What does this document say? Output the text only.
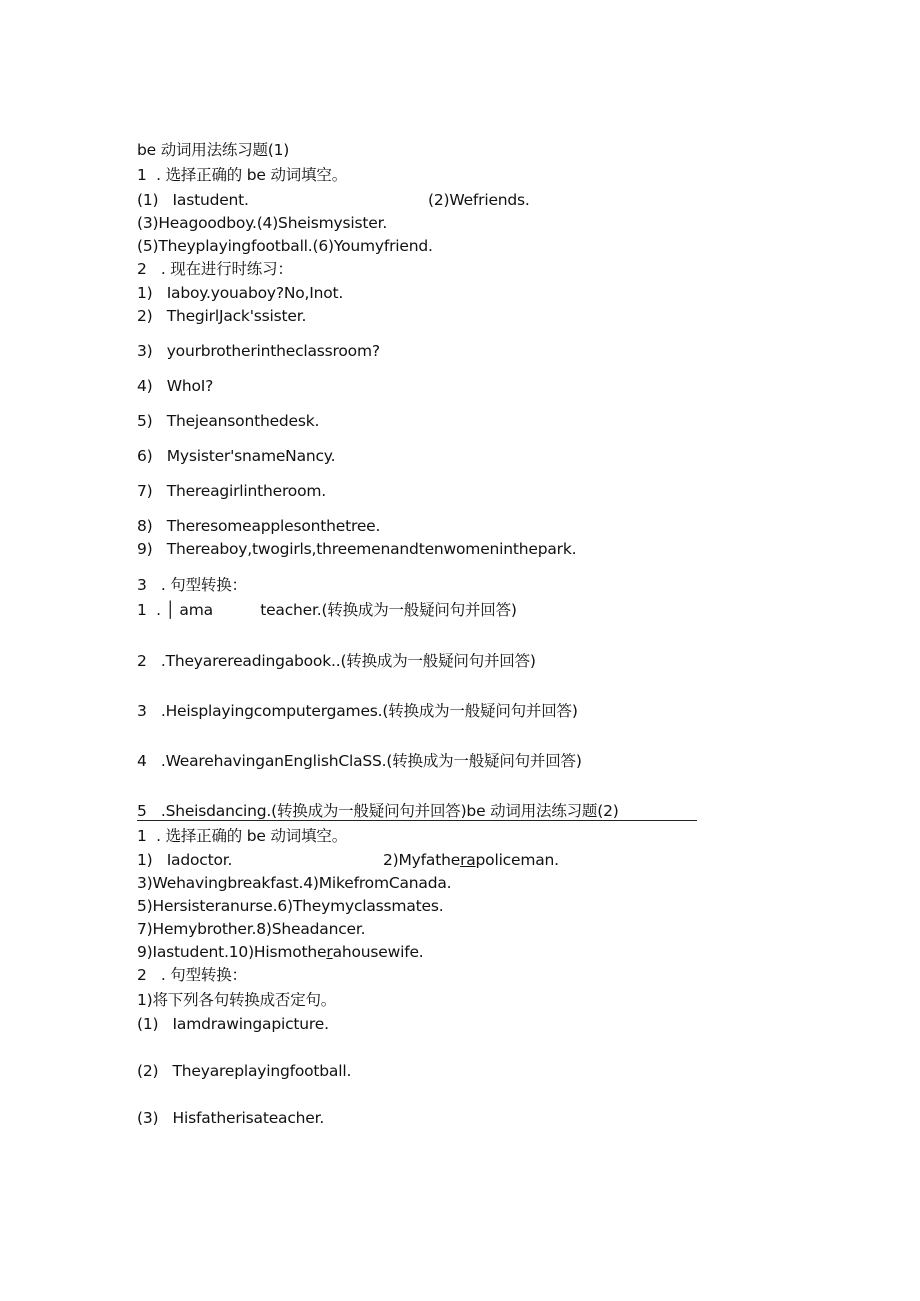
be 动词用法练习题(1)
1  . 选择正确的 be 动词填空。
(1)   Iastudent.	(2)Wefriends.
(3)Heagoodboy.(4)Sheismysister.
(5)Theyplayingfootball.(6)Youmyfriend.
2   . 现在进行时练习：
1)   Iaboy.youaboy?No,Inot.
2)   ThegirlJack'ssister.
3)   yourbrotherintheclassroom?
4)   WhoI?
5)   Thejeansonthedesk.
6)   Mysister'snameNancy.
7)   Thereagirlintheroom.
8)   Theresomeapplesonthetree.
9)   Thereaboy,twogirls,threemenandtenwomeninthepark.
3   . 句型转换：
1  . │ ama          teacher.(转换成为一般疑问句并回答)
2   .Theyarereadingabook..(转换成为一般疑问句并回答)
3   .Heisplayingcomputergames.(转换成为一般疑问句并回答)
4   .WearehavinganEnglishClaSS.(转换成为一般疑问句并回答)
5   .Sheisdancing.(转换成为一般疑问句并回答)be 动词用法练习题(2)
1  . 选择正确的 be 动词填空。
1)   Iadoctor.	2)Myfatherapoliceman.
3)Wehavingbreakfast.4)MikefromCanada.
5)Hersisteranurse.6)Theymyclassmates.
7)Hemybrother.8)Sheadancer.
9)Iastudent.10)Hismotherahousewife.
2   . 句型转换：
1)将下列各句转换成否定句。
(1)   Iamdrawingapicture.
(2)   Theyareplayingfootball.
(3)   Hisfatherisateacher.
